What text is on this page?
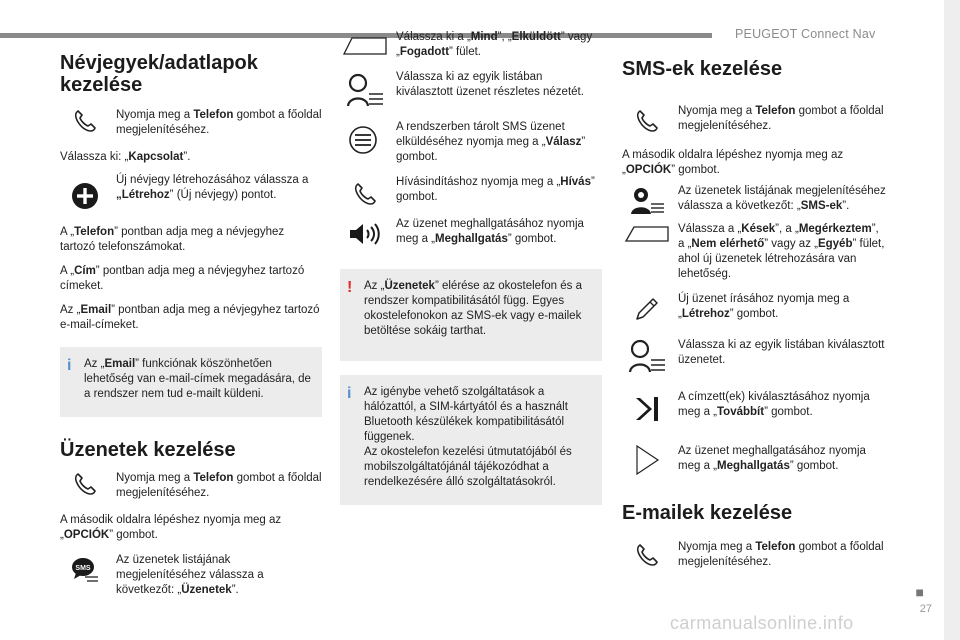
PEUGEOT Connect Nav
■
27
carmanualsonline.info
Névjegyek/adatlapok kezelése

Nyomja meg a Telefon gombot a főoldal megjelenítéséhez.

Válassza ki: „Kapcsolat”.

Új névjegy létrehozásához válassza a „Létrehoz” (Új névjegy) pontot.

A „Telefon” pontban adja meg a névjegyhez tartozó telefonszámokat.

A „Cím” pontban adja meg a névjegyhez tartozó címeket.

Az „Email” pontban adja meg a névjegyhez tartozó e-mail-címeket.

i Az „Email” funkciónak köszönhetően lehetőség van e-mail-címek megadására, de a rendszer nem tud e-mailt küldeni.

Üzenetek kezelése

Nyomja meg a Telefon gombot a főoldal megjelenítéséhez.

A második oldalra lépéshez nyomja meg az „OPCIÓK” gombot.

SMS

Az üzenetek listájának megjelenítéséhez válassza a következőt: „Üzenetek”.

Válassza ki a „Mind”, „Elküldött” vagy „Fogadott” fület.

Válassza ki az egyik listában kiválasztott üzenet részletes nézetét.

A rendszerben tárolt SMS üzenet elküldéséhez nyomja meg a „Válasz” gombot.

Hívásindításhoz nyomja meg a „Hívás” gombot.

Az üzenet meghallgatásához nyomja meg a „Meghallgatás” gombot.

! Az „Üzenetek” elérése az okostelefon és a rendszer kompatibilitásától függ. Egyes okostelefonokon az SMS-ek vagy e-mailek betöltése sokáig tarthat.

i Az igénybe vehető szolgáltatások a hálózattól, a SIM-kártyától és a használt Bluetooth készülékek kompatibilitásától függenek.

Az okostelefon kezelési útmutatójából és mobilszolgáltatójánál tájékozódhat a rendelkezésére álló szolgáltatásokról.

SMS-ek kezelése

Nyomja meg a Telefon gombot a főoldal megjelenítéséhez.

A második oldalra lépéshez nyomja meg az „OPCIÓK” gombot.

Az üzenetek listájának megjelenítéséhez válassza a következőt: „SMS-ek”.

Válassza a „Kések”, a „Megérkeztem”, a „Nem elérhető” vagy az „Egyéb” fület, ahol új üzenetek létrehozására van lehetőség.

Új üzenet írásához nyomja meg a „Létrehoz” gombot.

Válassza ki az egyik listában kiválasztott üzenetet.

A címzett(ek) kiválasztásához nyomja meg a „Továbbít” gombot.

Az üzenet meghallgatásához nyomja meg a „Meghallgatás” gombot.

E-mailek kezelése

Nyomja meg a Telefon gombot a főoldal megjelenítéséhez.
